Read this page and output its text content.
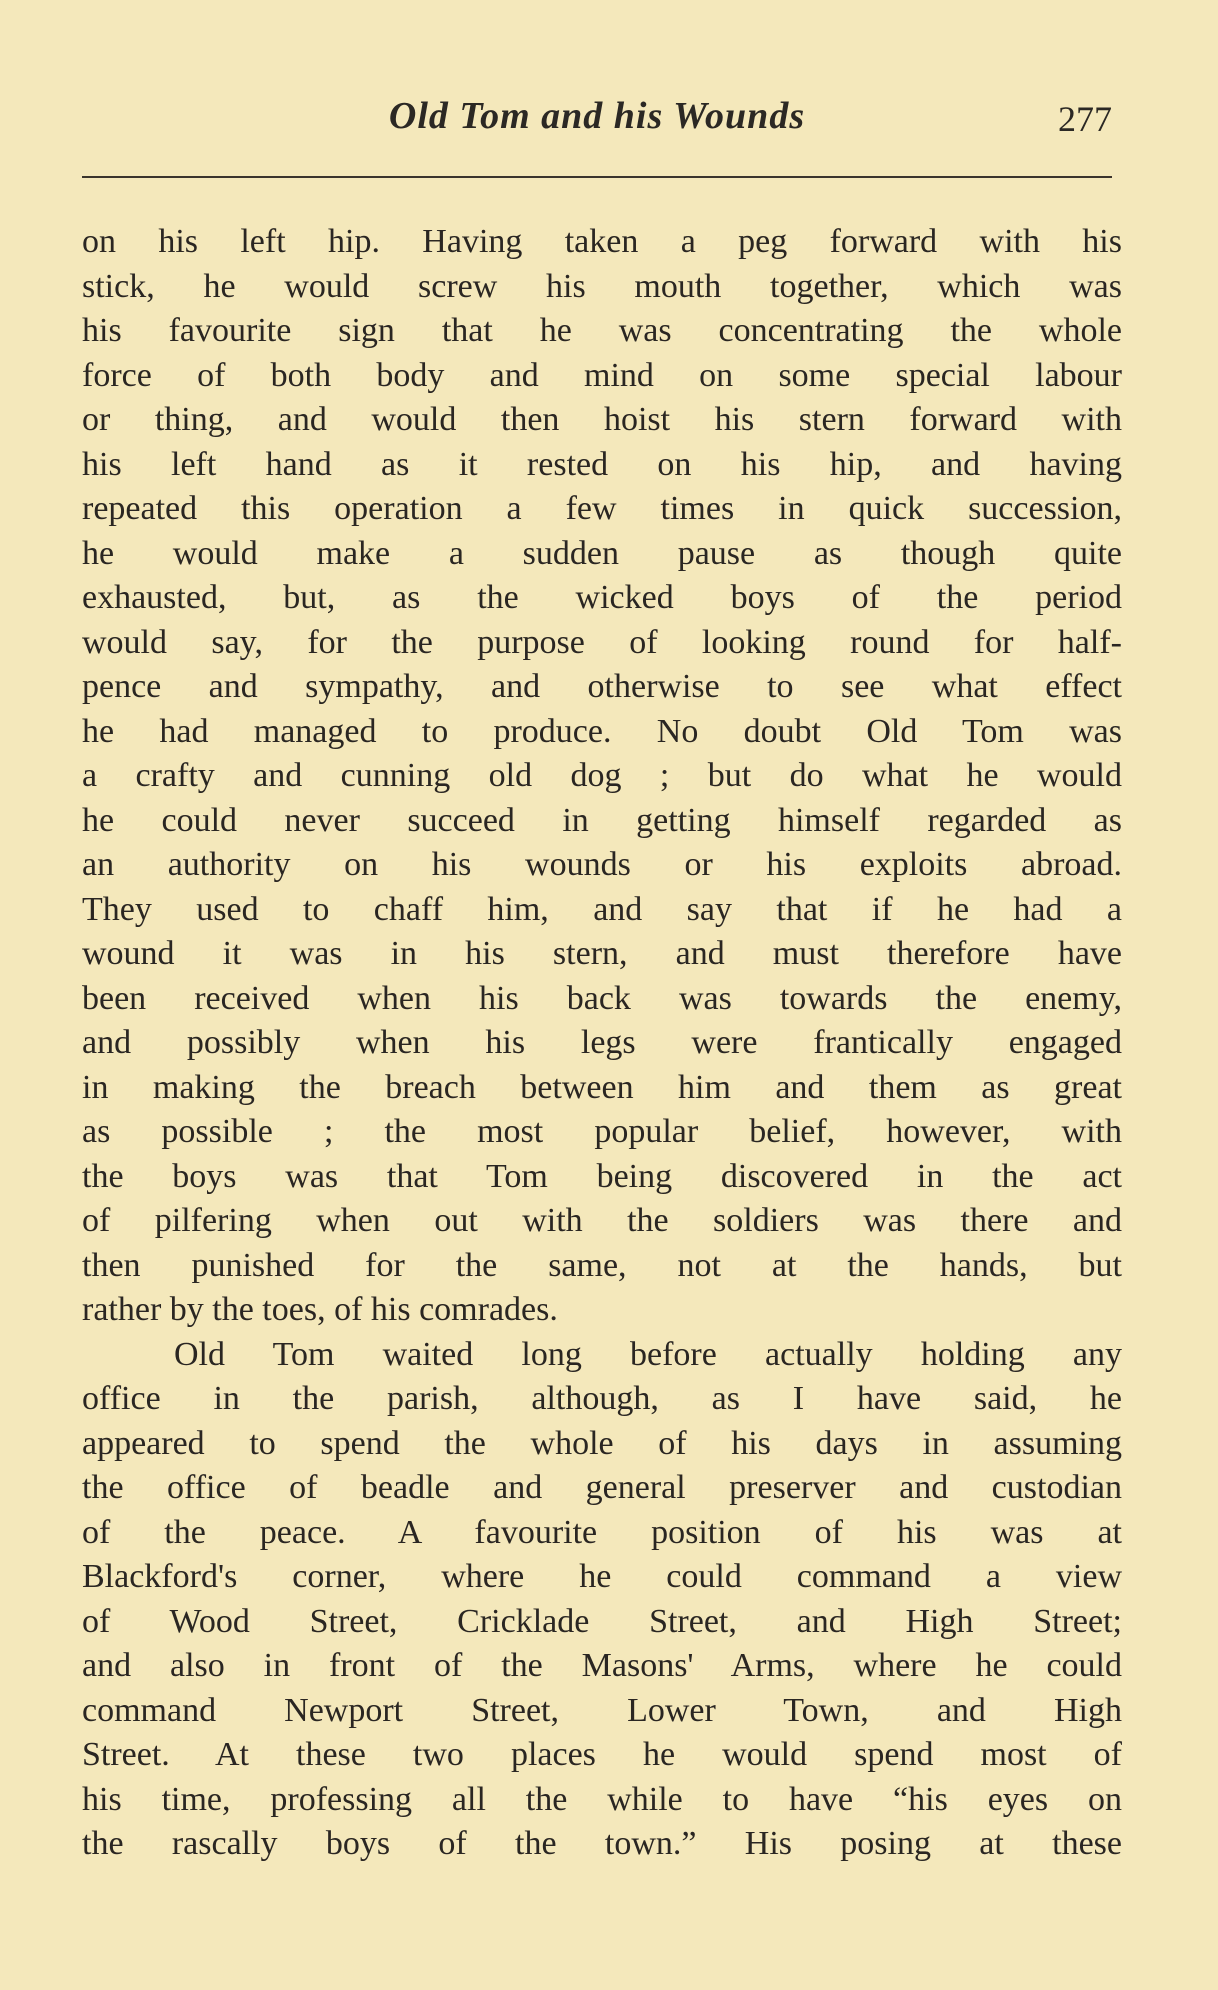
Old Tom and his Wounds	277
on his left hip. Having taken a peg forward with his
stick, he would screw his mouth together, which was
his favourite sign that he was concentrating the whole
force of both body and mind on some special labour
or thing, and would then hoist his stern forward with
his left hand as it rested on his hip, and having
repeated this operation a few times in quick succession,
he would make a sudden pause as though quite
exhausted, but, as the wicked boys of the period
would say, for the purpose of looking round for half-
pence and sympathy, and otherwise to see what effect
he had managed to produce. No doubt Old Tom was
a crafty and cunning old dog ; but do what he would
he could never succeed in getting himself regarded as
an authority on his wounds or his exploits abroad.
They used to chaff him, and say that if he had a
wound it was in his stern, and must therefore have
been received when his back was towards the enemy,
and possibly when his legs were frantically engaged
in making the breach between him and them as great
as possible ; the most popular belief, however, with
the boys was that Tom being discovered in the act
of pilfering when out with the soldiers was there and
then punished for the same, not at the hands, but
rather by the toes, of his comrades.
Old Tom waited long before actually holding any
office in the parish, although, as I have said, he
appeared to spend the whole of his days in assuming
the office of beadle and general preserver and custodian
of the peace. A favourite position of his was at
Blackford's corner, where he could command a view
of Wood Street, Cricklade Street, and High Street;
and also in front of the Masons' Arms, where he could
command Newport Street, Lower Town, and High
Street. At these two places he would spend most of
his time, professing all the while to have “his eyes on
the rascally boys of the town.” His posing at these
